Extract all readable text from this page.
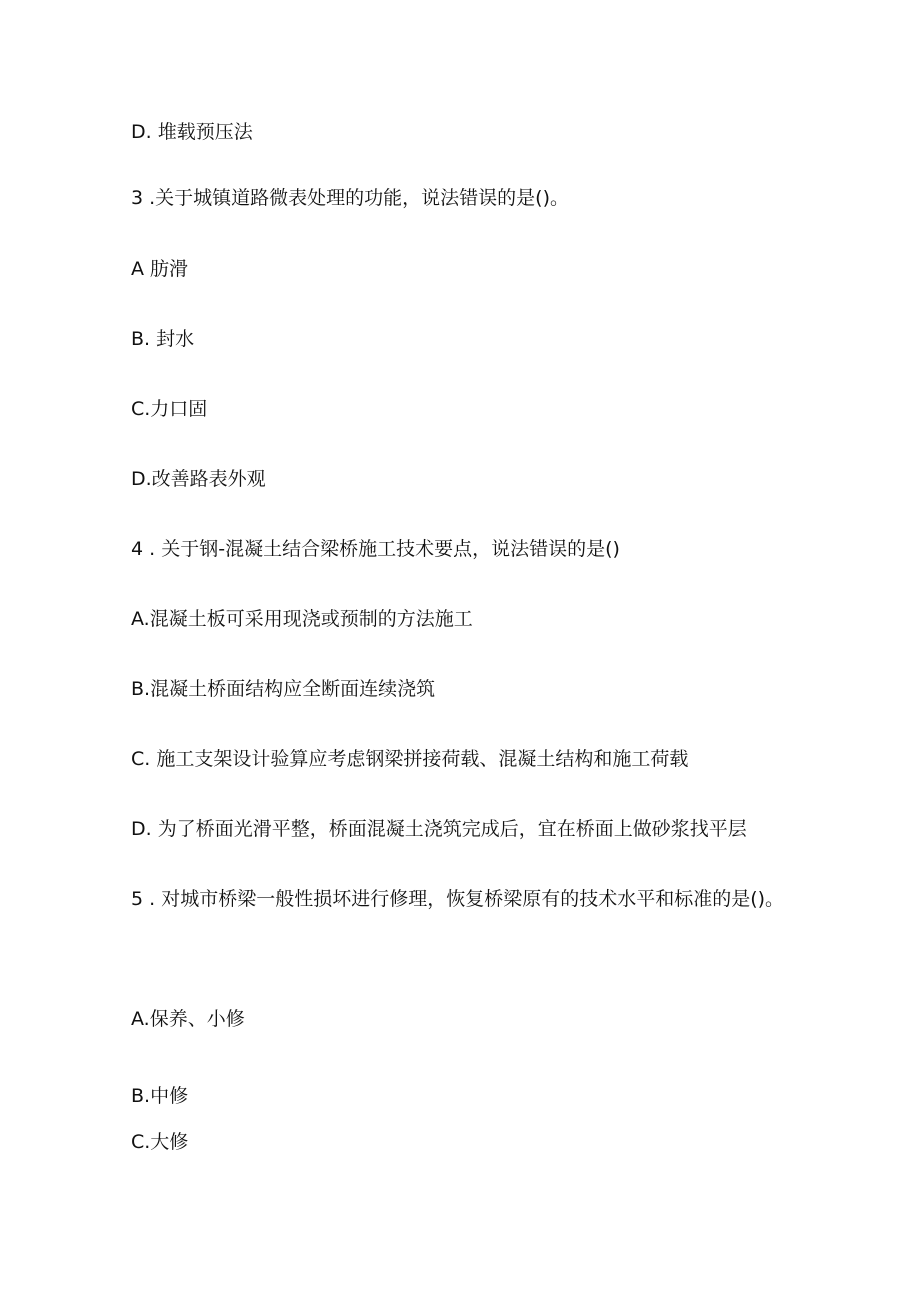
D. 堆载预压法
3 .关于城镇道路微表处理的功能，说法错误的是()。
A 肪滑
B. 封水
C.力口固
D.改善路表外观
4 . 关于钢-混凝土结合梁桥施工技术要点，说法错误的是()
A.混凝土板可采用现浇或预制的方法施工
B.混凝土桥面结构应全断面连续浇筑
C. 施工支架设计验算应考虑钢梁拼接荷载、混凝土结构和施工荷载
D. 为了桥面光滑平整，桥面混凝土浇筑完成后，宜在桥面上做砂浆找平层
5 . 对城市桥梁一般性损坏进行修理，恢复桥梁原有的技术水平和标准的是()。
A.保养、小修
B.中修
C.大修
